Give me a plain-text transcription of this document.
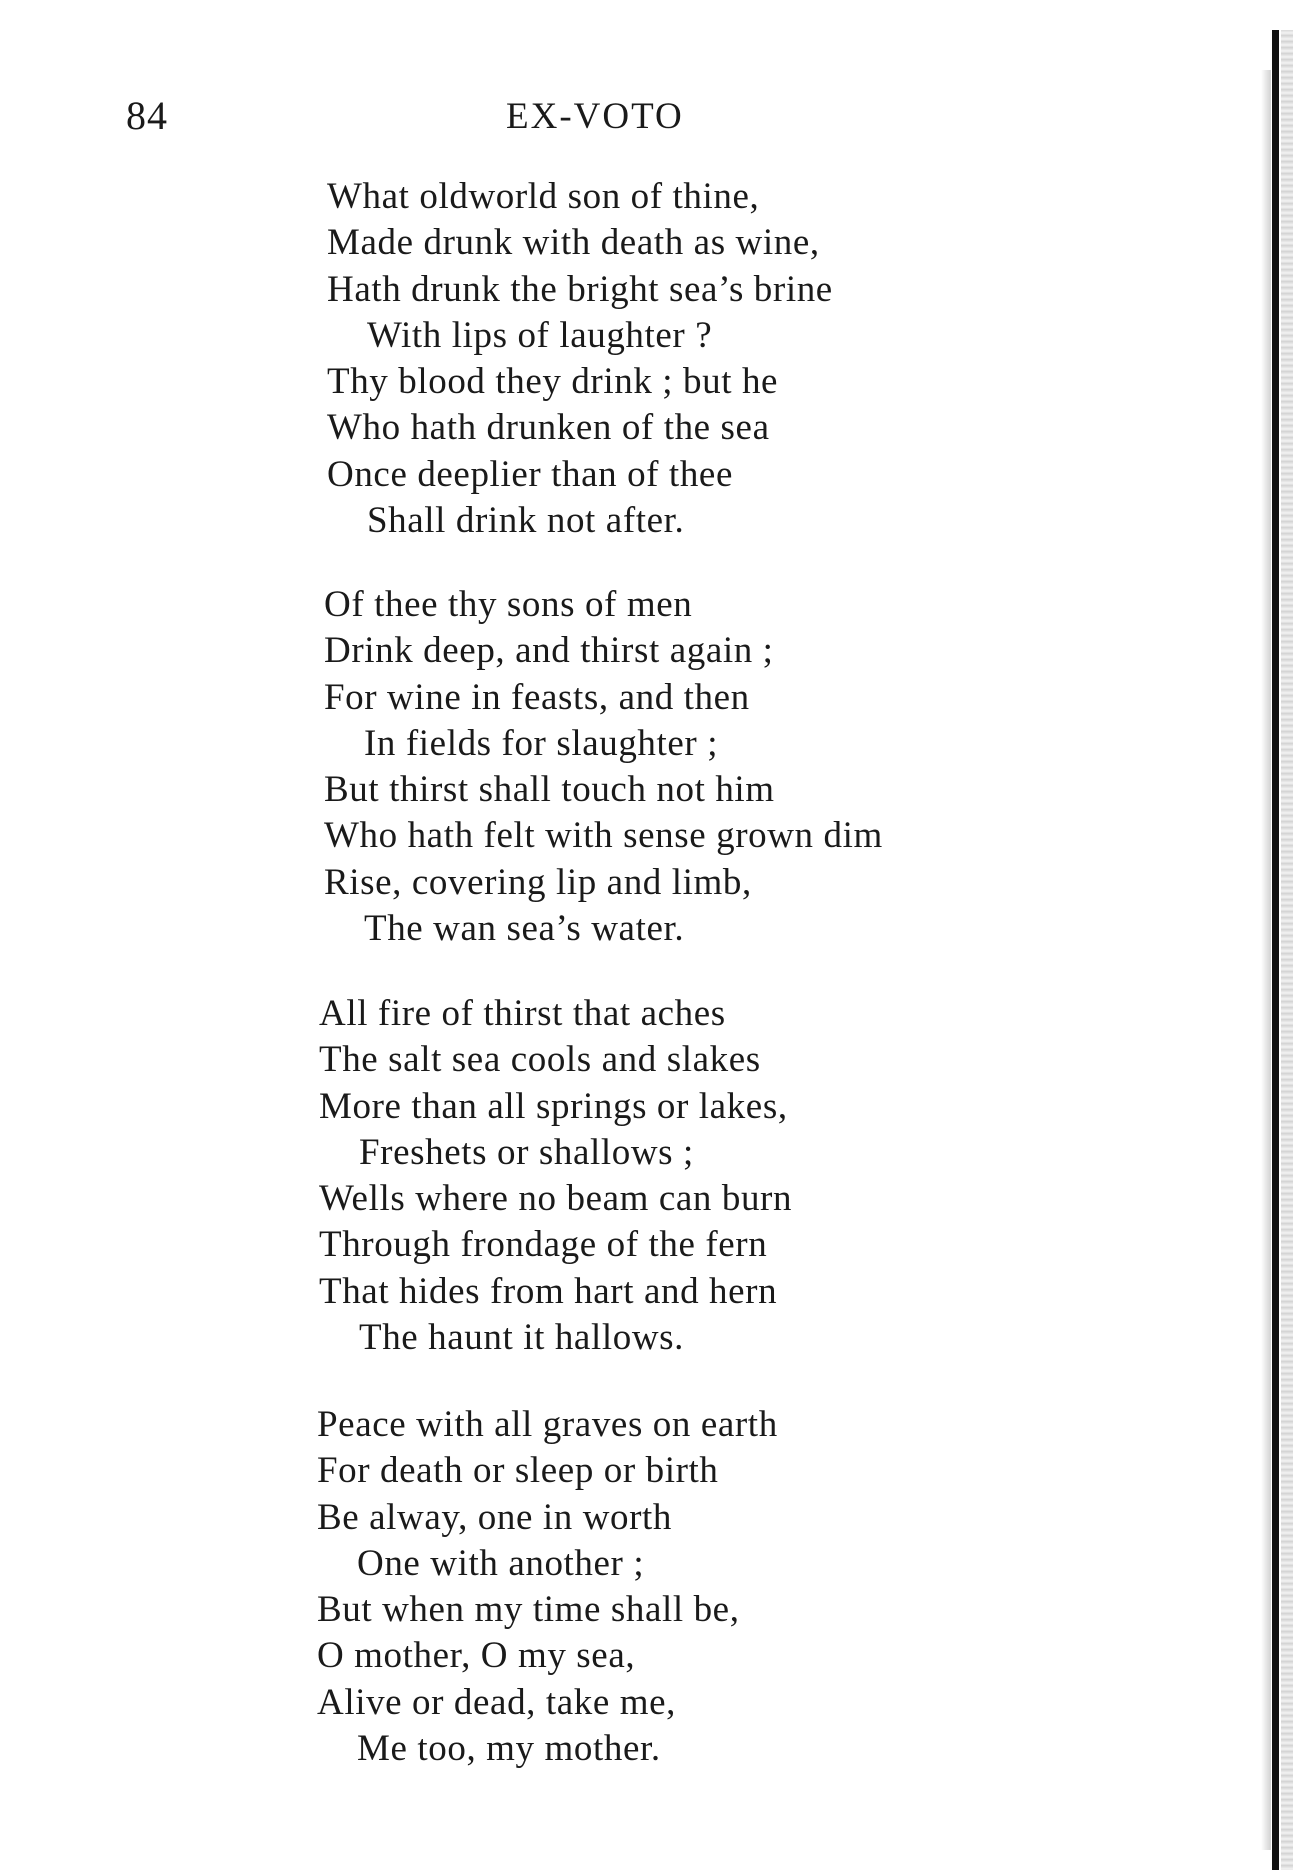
84	EX-VOTO
What oldworld son of thine,
Made drunk with death as wine,
Hath drunk the bright sea’s brine
With lips of laughter ?
Thy blood they drink ; but he
Who hath drunken of the sea
Once deeplier than of thee
Shall drink not after.
Of thee thy sons of men
Drink deep, and thirst again ;
For wine in feasts, and then
In fields for slaughter ;
But thirst shall touch not him
Who hath felt with sense grown dim
Rise, covering lip and limb,
The wan sea’s water.
All fire of thirst that aches
The salt sea cools and slakes
More than all springs or lakes,
Freshets or shallows ;
Wells where no beam can burn
Through frondage of the fern
That hides from hart and hern
The haunt it hallows.
Peace with all graves on earth
For death or sleep or birth
Be alway, one in worth
One with another ;
But when my time shall be,
O mother, O my sea,
Alive or dead, take me,
Me too, my mother.
